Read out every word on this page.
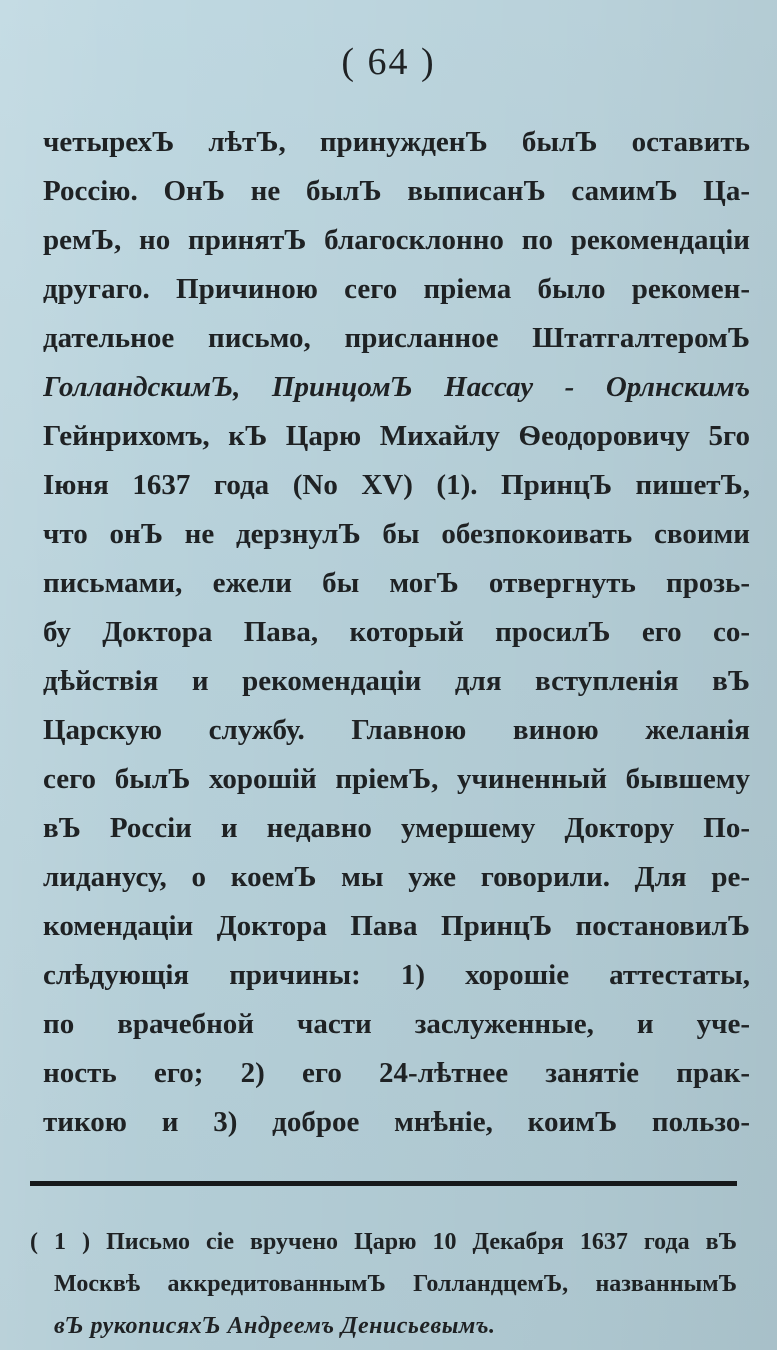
( 64 )
четырехЪ лѣтЪ, принужденЪ былЪ оставить
Россію. ОнЪ не былЪ выписанЪ самимЪ Ца-
ремЪ, но принятЪ благосклонно по рекомендаціи
другаго. Причиною сего пріема было рекомен-
дательное письмо, присланное ШтатгалтеромЪ
ГолландскимЪ, ПринцомЪ Нассау - Орлнскимъ
Гейнрихомъ, кЪ Царю Михайлу Ѳеодоровичу 5го
Іюня 1637 года (No XV) (1). ПринцЪ пишетЪ,
что онЪ не дерзнулЪ бы обезпокоивать своими
письмами, ежели бы могЪ отвергнуть прозь-
бу Доктора Пава, который просилЪ его со-
дѣйствія и рекомендаціи для вступленія вЪ
Царскую службу. Главною виною желанія
сего былЪ хорошій пріемЪ, учиненный бывшему
вЪ Россіи и недавно умершему Доктору По-
лиданусу, о коемЪ мы уже говорили. Для ре-
комендаціи Доктора Пава ПринцЪ постановилЪ
слѣдующія причины: 1) хорошіе аттестаты,
по врачебной части заслуженные, и уче-
ность его; 2) его 24-лѣтнее занятіе прак-
тикою и 3) доброе мнѣніе, коимЪ пользо-
( 1 ) Письмо сіе вручено Царю 10 Декабря 1637 года вЪ
Москвѣ аккредитованнымЪ ГолландцемЪ, названнымЪ
вЪ рукописяхЪ Андреемъ Денисьевымъ.
